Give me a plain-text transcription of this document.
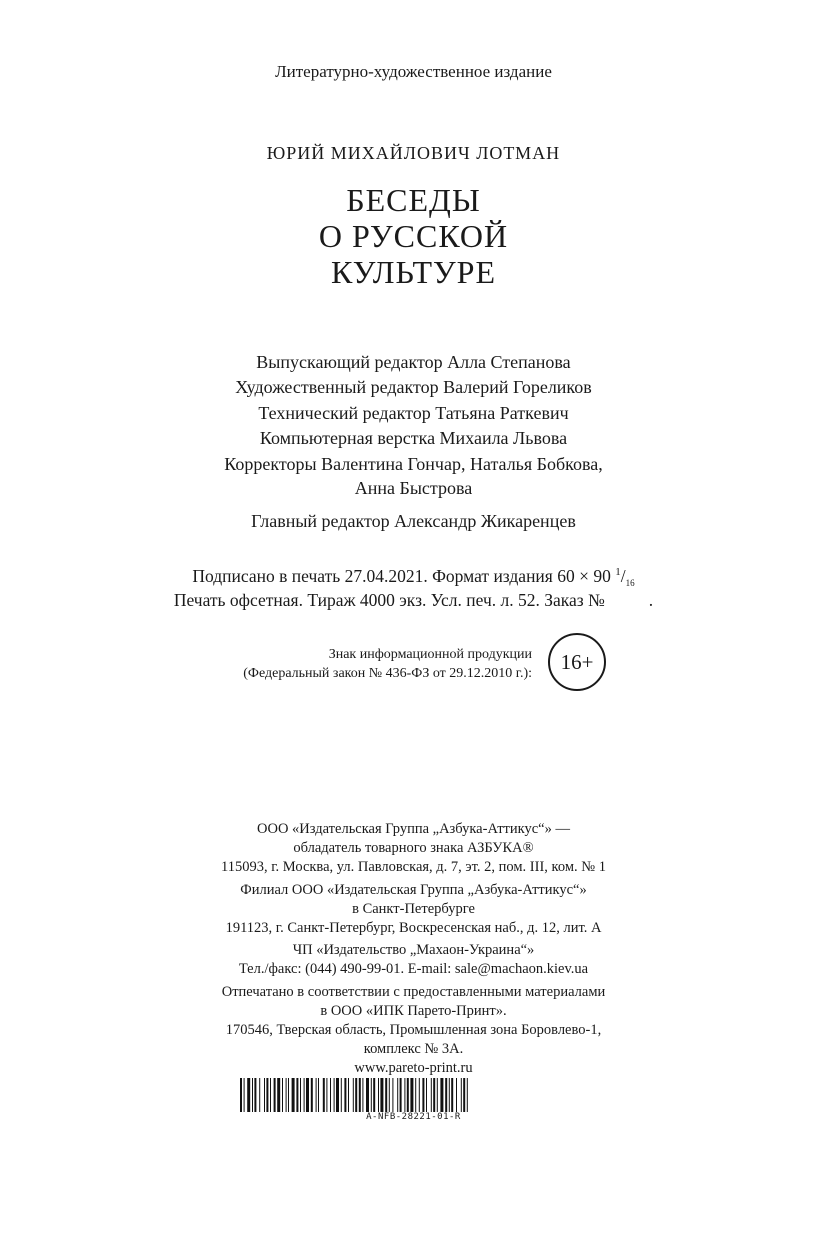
Литературно-художественное издание
ЮРИЙ МИХАЙЛОВИЧ ЛОТМАН
БЕСЕДЫ
О РУССКОЙ
КУЛЬТУРЕ
Выпускающий редактор Алла Степанова
Художественный редактор Валерий Гореликов
Технический редактор Татьяна Раткевич
Компьютерная верстка Михаила Львова
Корректоры Валентина Гончар, Наталья Бобкова,
Анна Быстрова
Главный редактор Александр Жикаренцев
Подписано в печать 27.04.2021. Формат издания 60 × 90 $^1/_{16}$
Печать офсетная. Тираж 4000 экз. Усл. печ. л. 52. Заказ №	.
Знак информационной продукции
(Федеральный закон № 436-ФЗ от 29.12.2010 г.): 16+
ООО «Издательская Группа „Азбука-Аттикус“» —
обладатель товарного знака АЗБУКА®
115093, г. Москва, ул. Павловская, д. 7, эт. 2, пом. III, ком. № 1
Филиал ООО «Издательская Группа „Азбука-Аттикус“»
в Санкт-Петербурге
191123, г. Санкт-Петербург, Воскресенская наб., д. 12, лит. А
ЧП «Издательство „Махаон-Украина“»
Тел./факс: (044) 490-99-01. E-mail: sale@machaon.kiev.ua
Отпечатано в соответствии с предоставленными материалами
в ООО «ИПК Парето-Принт».
170546, Тверская область, Промышленная зона Боровлево-1,
комплекс № 3А.
www.pareto-print.ru
A-NFB-28221-01-R
